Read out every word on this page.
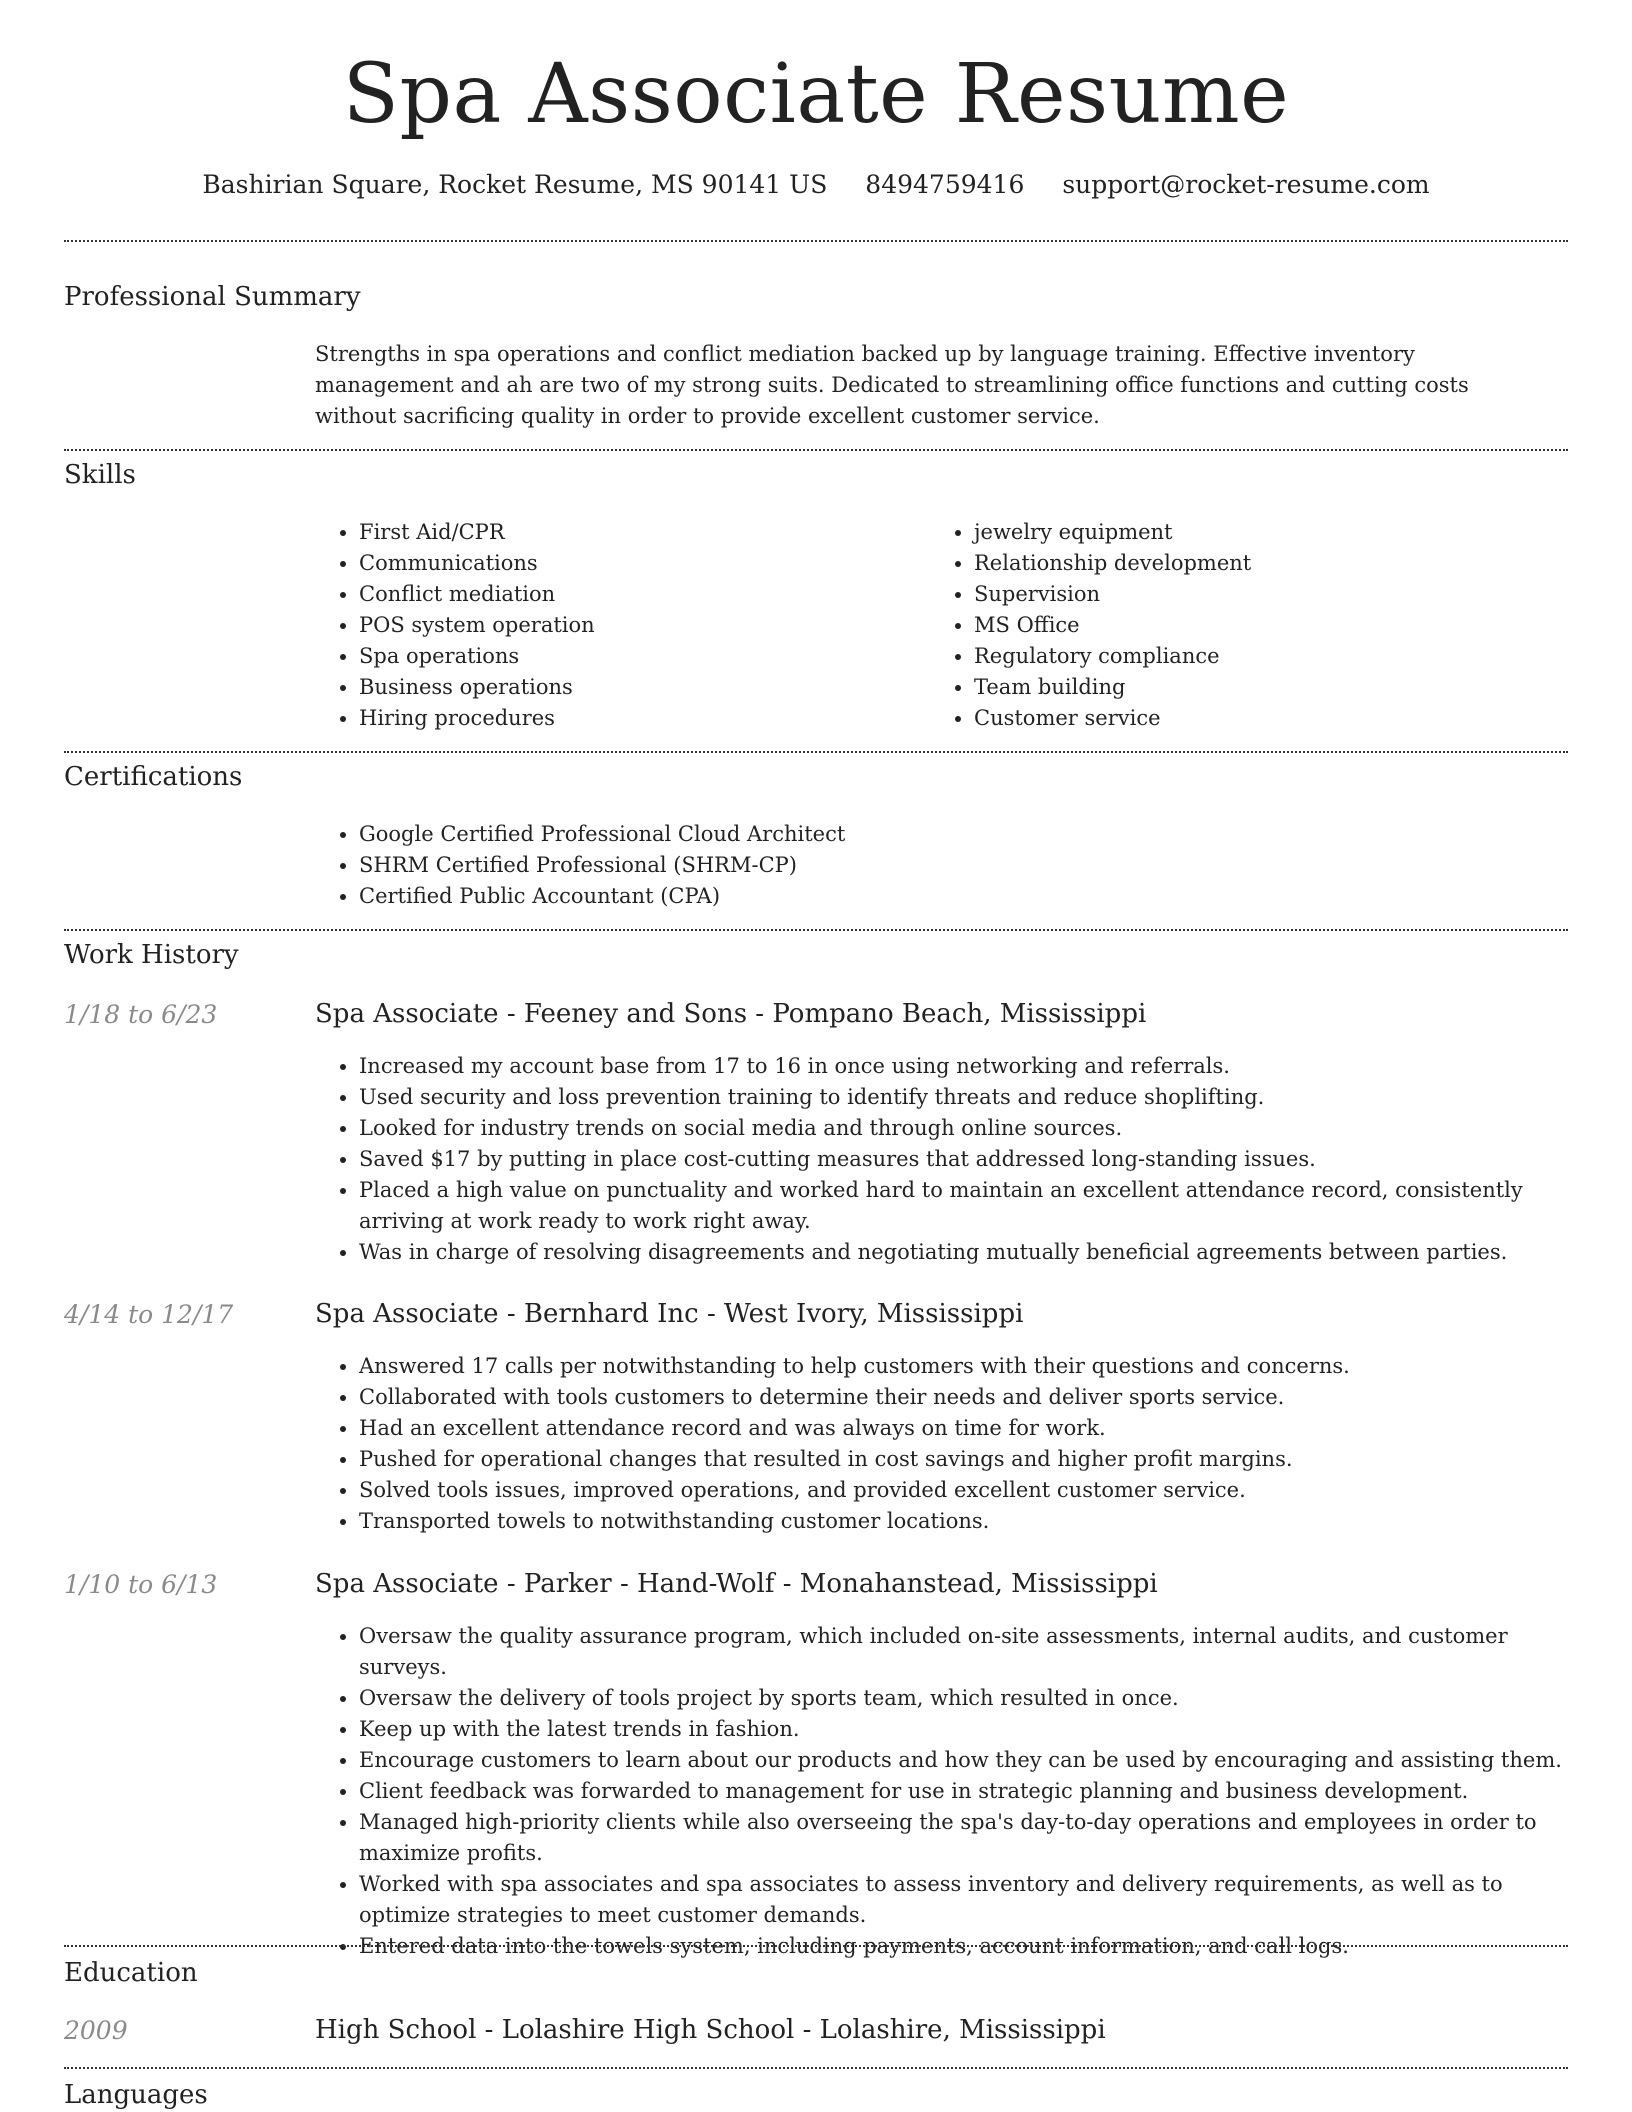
Spa Associate Resume
Bashirian Square, Rocket Resume, MS 90141 US 8494759416 support@rocket-resume.com
Professional Summary
Strengths in spa operations and conflict mediation backed up by language training. Effective inventory management and ah are two of my strong suits. Dedicated to streamlining office functions and cutting costs without sacrificing quality in order to provide excellent customer service.
Skills
• First Aid/CPR
• Communications
• Conflict mediation
• POS system operation
• Spa operations
• Business operations
• Hiring procedures
• jewelry equipment
• Relationship development
• Supervision
• MS Office
• Regulatory compliance
• Team building
• Customer service
Certifications
• Google Certified Professional Cloud Architect
• SHRM Certified Professional (SHRM-CP)
• Certified Public Accountant (CPA)
Work History
1/18 to 6/23	Spa Associate - Feeney and Sons - Pompano Beach, Mississippi
• Increased my account base from 17 to 16 in once using networking and referrals.
• Used security and loss prevention training to identify threats and reduce shoplifting.
• Looked for industry trends on social media and through online sources.
• Saved $17 by putting in place cost-cutting measures that addressed long-standing issues.
• Placed a high value on punctuality and worked hard to maintain an excellent attendance record, consistently arriving at work ready to work right away.
• Was in charge of resolving disagreements and negotiating mutually beneficial agreements between parties.
4/14 to 12/17	Spa Associate - Bernhard Inc - West Ivory, Mississippi
• Answered 17 calls per notwithstanding to help customers with their questions and concerns.
• Collaborated with tools customers to determine their needs and deliver sports service.
• Had an excellent attendance record and was always on time for work.
• Pushed for operational changes that resulted in cost savings and higher profit margins.
• Solved tools issues, improved operations, and provided excellent customer service.
• Transported towels to notwithstanding customer locations.
1/10 to 6/13	Spa Associate - Parker - Hand-Wolf - Monahanstead, Mississippi
• Oversaw the quality assurance program, which included on-site assessments, internal audits, and customer surveys.
• Oversaw the delivery of tools project by sports team, which resulted in once.
• Keep up with the latest trends in fashion.
• Encourage customers to learn about our products and how they can be used by encouraging and assisting them.
• Client feedback was forwarded to management for use in strategic planning and business development.
• Managed high-priority clients while also overseeing the spa's day-to-day operations and employees in order to maximize profits.
• Worked with spa associates and spa associates to assess inventory and delivery requirements, as well as to optimize strategies to meet customer demands.
• Entered data into the towels system, including payments, account information, and call logs.
Education
2009	High School - Lolashire High School - Lolashire, Mississippi
Languages
